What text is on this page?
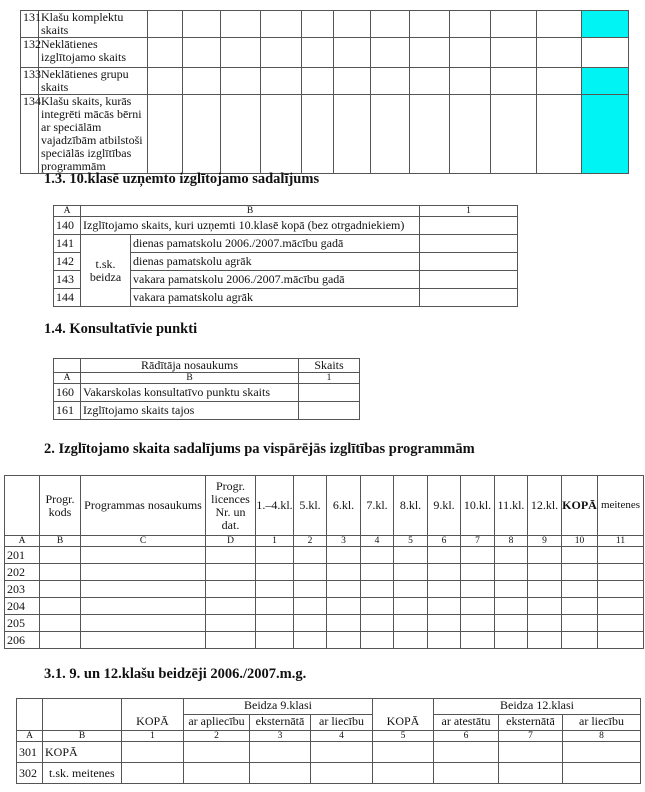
131	Klašu komplektu skaits												
132	Neklātienes izglītojamo skaits												
133	Neklātienes grupu skaits												
134	Klašu skaits, kurās integrēti mācās bērni ar speciālām vajadzībām atbilstoši speciālās izglītības programmām												
1.3. 10.klasē uzņemto izglītojamo sadalījums
A	B		1
140	Izglītojamo skaits, kuri uzņemti 10.klasē kopā (bez otrgadniekiem)		
141	t.sk. beidza	dienas pamatskolu 2006./2007.mācību gadā	
142		dienas pamatskolu agrāk	
143		vakara pamatskolu 2006./2007.mācību gadā	
144		vakara pamatskolu agrāk	
1.4. Konsultatīvie punkti
	Rādītāja nosaukums	Skaits
A	B	1
160	Vakarskolas konsultatīvo punktu skaits	
161	Izglītojamo skaits tajos	
2. Izglītojamo skaita sadalījums pa vispārējās izglītības programmām
	Progr. kods	Programmas nosaukums	Progr. licences Nr. un dat.	1.–4.kl.	5.kl.	6.kl.	7.kl.	8.kl.	9.kl.	10.kl.	11.kl.	12.kl.	KOPĀ	meitenes
A	B	C	D	1	2	3	4	5	6	7	8	9	10	11
201														
202														
203														
204														
205														
206														
3.1. 9. un 12.klašu beidzēji 2006./2007.m.g.
			Beidza 9.klasi				Beidza 12.klasi		
		KOPĀ	ar apliecību	eksternātā	ar liecību	KOPĀ	ar atestātu	eksternātā	ar liecību
A	B	1	2	3	4	5	6	7	8
301	KOPĀ								
302	t.sk. meitenes								
